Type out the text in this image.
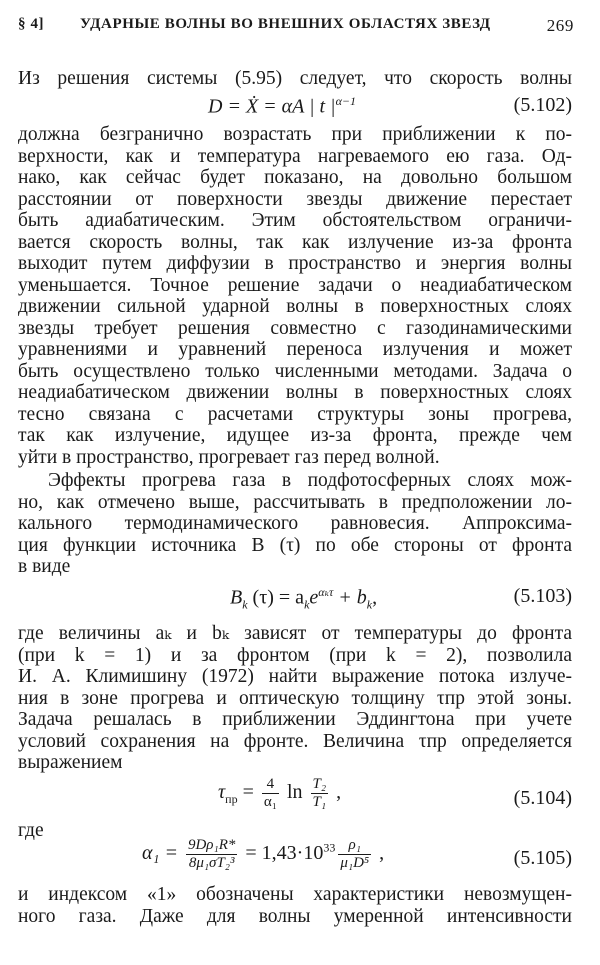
§ 4] УДАРНЫЕ ВОЛНЫ ВО ВНЕШНИХ ОБЛАСТЯХ ЗВЕЗД	269
Из решения системы (5.95) следует, что скорость волны
D = Ẋ = αA | t $|^{\alpha-1}$	(5.102)
должна безгранично возрастать при приближении к по-
верхности, как и температура нагреваемого ею газа. Од-
нако, как сейчас будет показано, на довольно большом
расстоянии от поверхности звезды движение перестает
быть адиабатическим. Этим обстоятельством ограничи-
вается скорость волны, так как излучение из-за фронта
выходит путем диффузии в пространство и энергия волны
уменьшается. Точное решение задачи о неадиабатическом
движении сильной ударной волны в поверхностных слоях
звезды требует решения совместно с газодинамическими
уравнениями и уравнений переноса излучения и может
быть осуществлено только численными методами. Задача о
неадиабатическом движении волны в поверхностных слоях
тесно связана с расчетами структуры зоны прогрева,
так как излучение, идущее из-за фронта, прежде чем
уйти в пространство, прогревает газ перед волной.
Эффекты прогрева газа в подфотосферных слоях мож-
но, как отмечено выше, рассчитывать в предположении ло-
кального термодинамического равновесия. Аппроксима-
ция функции источника B (τ) по обе стороны от фронта
в виде
$B_k$ $(\tau) = a_ke^{\alpha_k\tau} + b_k$,	(5.103)
где величины aₖ и bₖ зависят от температуры до фронта
(при k = 1) и за фронтом (при k = 2), позволила
И. А. Климишину (1972) найти выражение потока излуче-
ния в зоне прогрева и оптическую толщину τпр этой зоны.
Задача решалась в приближении Эддингтона при учете
условий сохранения на фронте. Величина τпр определяется
выражением
$\tau_{пр} = \frac{4}{\text{α₁}}$ $\ln \frac{\text{T₂}}{\text{T₁}}$ ,	(5.104)
где
$\alpha_1 = \frac{\text{9Dρ₁R*}}{\text{8μ₁σT₂³}} = 1,43\cdot 10^{33} \frac{\text{ρ₁}}{\text{μ₁D⁵}}$ ,	(5.105)
и индексом «1» обозначены характеристики невозмущен-
ного газа. Даже для волны умеренной интенсивности
